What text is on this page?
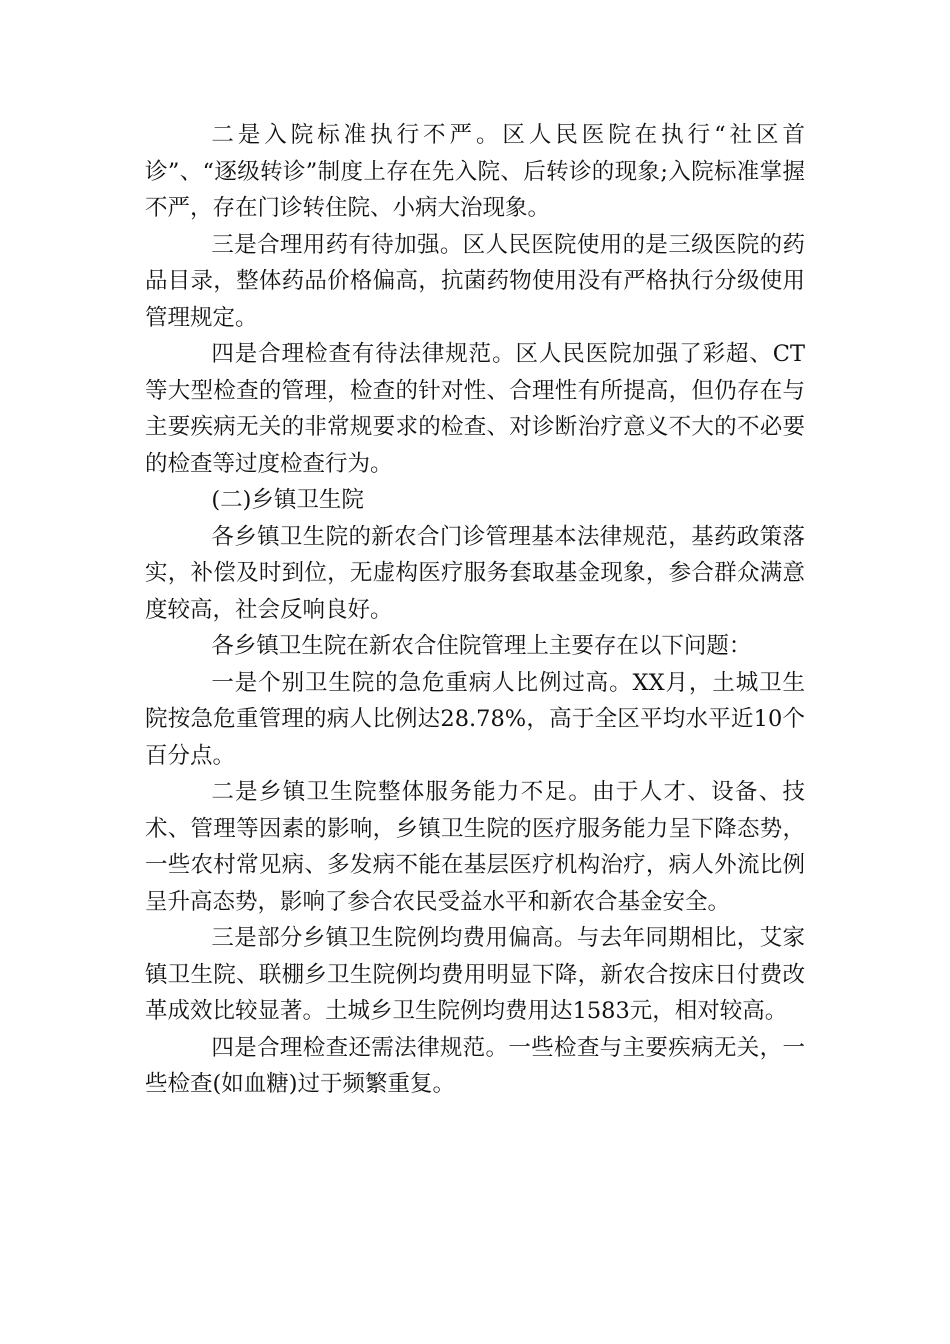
二是入院标准执行不严。区人民医院在执行“社区首诊”、“逐级转诊”制度上存在先入院、后转诊的现象;入院标准掌握不严，存在门诊转住院、小病大治现象。

三是合理用药有待加强。区人民医院使用的是三级医院的药品目录，整体药品价格偏高，抗菌药物使用没有严格执行分级使用管理规定。

四是合理检查有待法律规范。区人民医院加强了彩超、CT等大型检查的管理，检查的针对性、合理性有所提高，但仍存在与主要疾病无关的非常规要求的检查、对诊断治疗意义不大的不必要的检查等过度检查行为。

(二)乡镇卫生院

各乡镇卫生院的新农合门诊管理基本法律规范，基药政策落实，补偿及时到位，无虚构医疗服务套取基金现象，参合群众满意度较高，社会反响良好。

各乡镇卫生院在新农合住院管理上主要存在以下问题：

一是个别卫生院的急危重病人比例过高。XX月，土城卫生院按急危重管理的病人比例达28.78%，高于全区平均水平近10个百分点。

二是乡镇卫生院整体服务能力不足。由于人才、设备、技术、管理等因素的影响，乡镇卫生院的医疗服务能力呈下降态势，一些农村常见病、多发病不能在基层医疗机构治疗，病人外流比例呈升高态势，影响了参合农民受益水平和新农合基金安全。

三是部分乡镇卫生院例均费用偏高。与去年同期相比，艾家镇卫生院、联棚乡卫生院例均费用明显下降，新农合按床日付费改革成效比较显著。土城乡卫生院例均费用达1583元，相对较高。

四是合理检查还需法律规范。一些检查与主要疾病无关，一些检查(如血糖)过于频繁重复。
